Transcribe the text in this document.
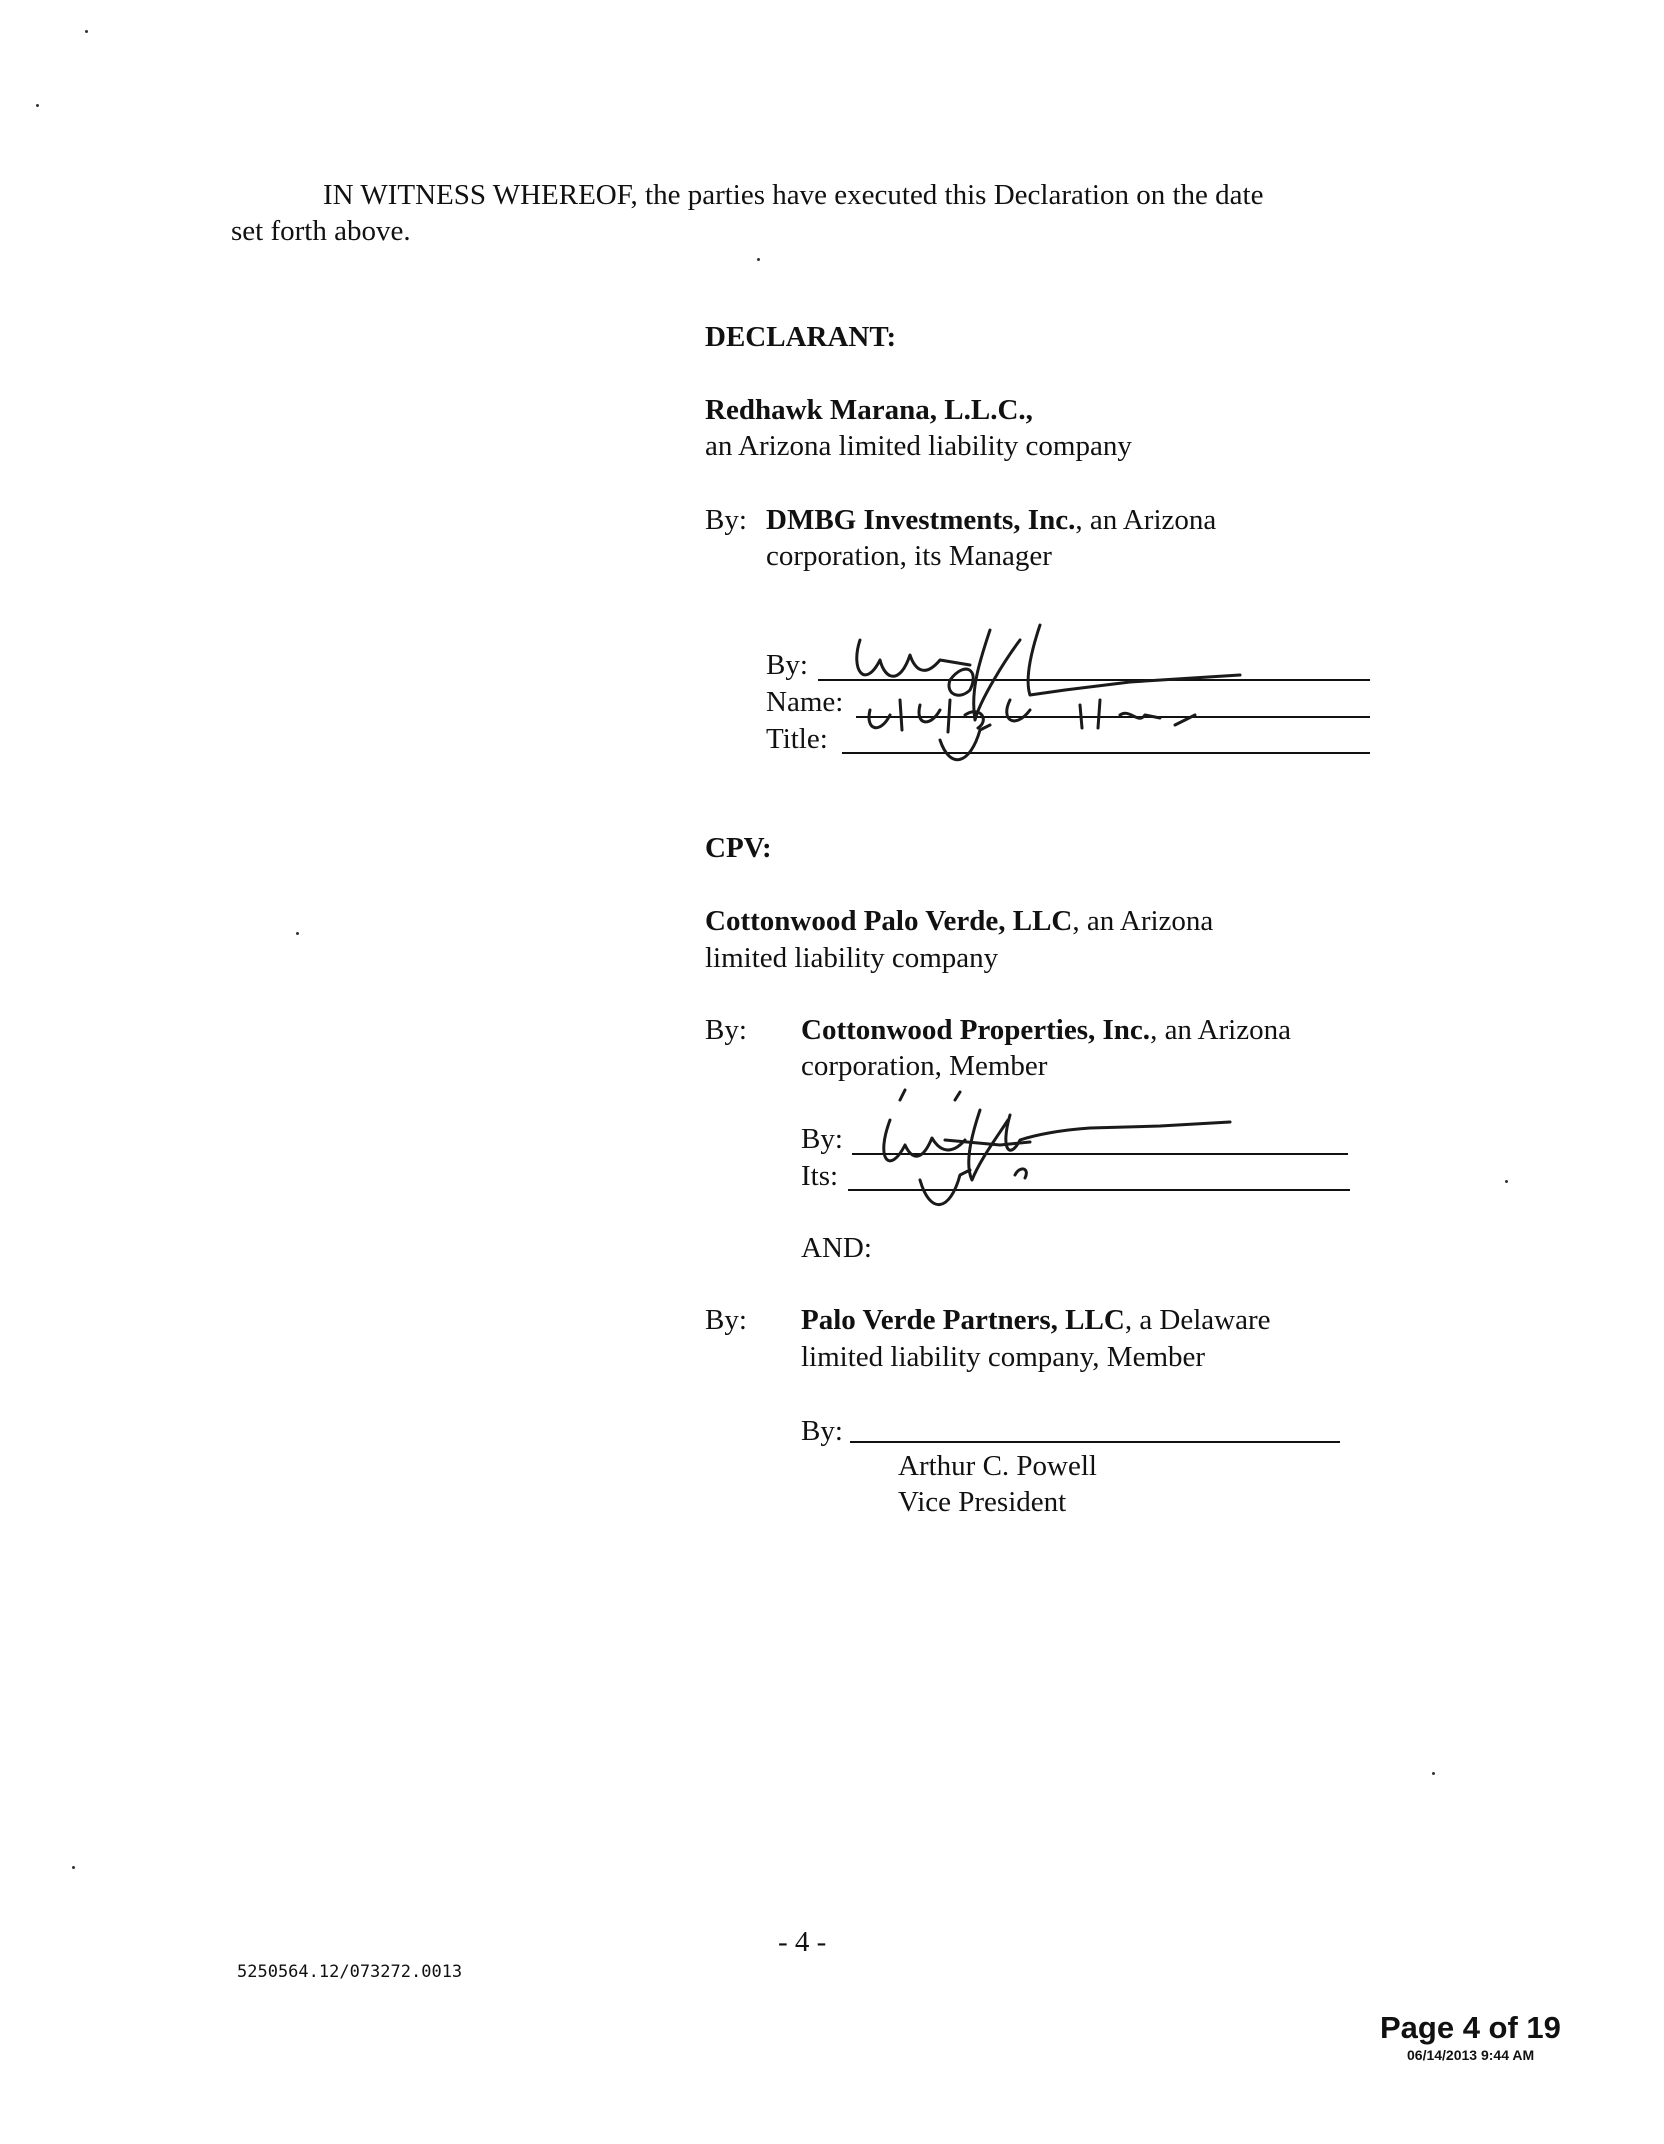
IN WITNESS WHEREOF, the parties have executed this Declaration on the date
set forth above.
DECLARANT:
Redhawk Marana, L.L.C.,
an Arizona limited liability company
By: DMBG Investments, Inc., an Arizona
corporation, its Manager
By:
Name:
Title:
CPV:
Cottonwood Palo Verde, LLC, an Arizona
limited liability company
By: Cottonwood Properties, Inc., an Arizona
corporation, Member
By:
Its:
AND:
By: Palo Verde Partners, LLC, a Delaware
limited liability company, Member
By:
Arthur C. Powell
Vice President
- 4 -
5250564.12/073272.0013
Page 4 of 19
06/14/2013 9:44 AM
